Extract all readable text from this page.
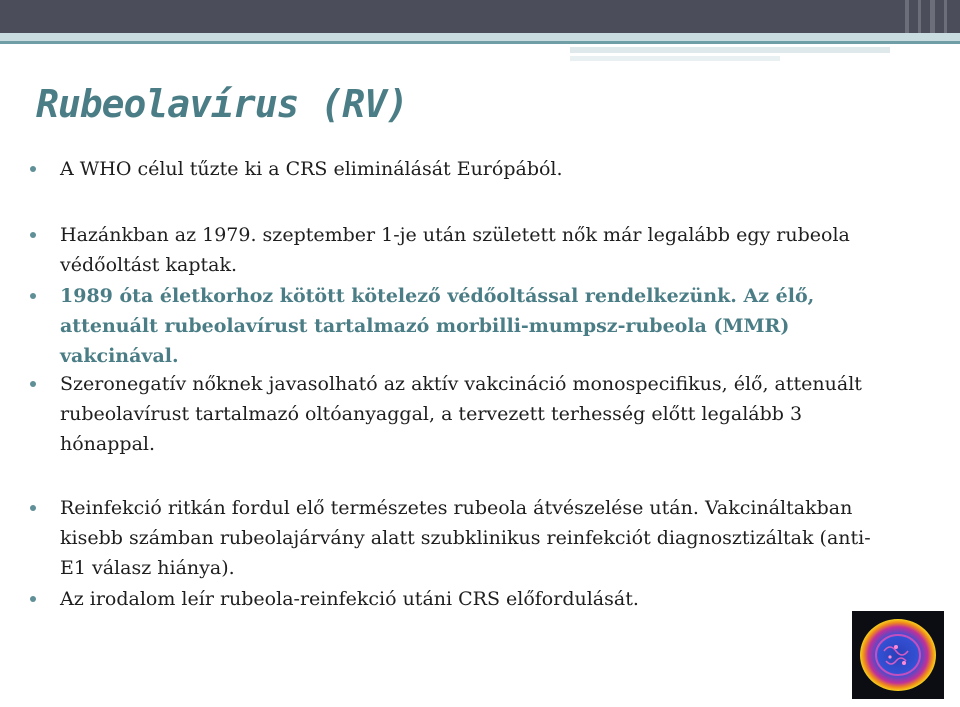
Rubeolavírus (RV)
A WHO célul tűzte ki a CRS eliminálását Európából.
Hazánkban az 1979. szeptember 1-je után született nők már legalább egy rubeola védőoltást kaptak.
1989 óta életkorhoz kötött kötelező védőoltással rendelkezünk. Az élő, attenuált rubeolavírust tartalmazó morbilli-mumpsz-rubeola (MMR) vakcinával.
Szeronegatív nőknek javasolható az aktív vakcináció monospecifikus, élő, attenuált rubeolavírust tartalmazó oltóanyaggal, a tervezett terhesség előtt legalább 3 hónappal.
Reinfekció ritkán fordul elő természetes rubeola átvészelése után. Vakcináltakban kisebb számban rubeolajárvány alatt szubklinikus reinfekciót diagnosztizáltak (anti-E1 válasz hiánya).
Az irodalom leír rubeola-reinfekció utáni CRS előfordulását.
